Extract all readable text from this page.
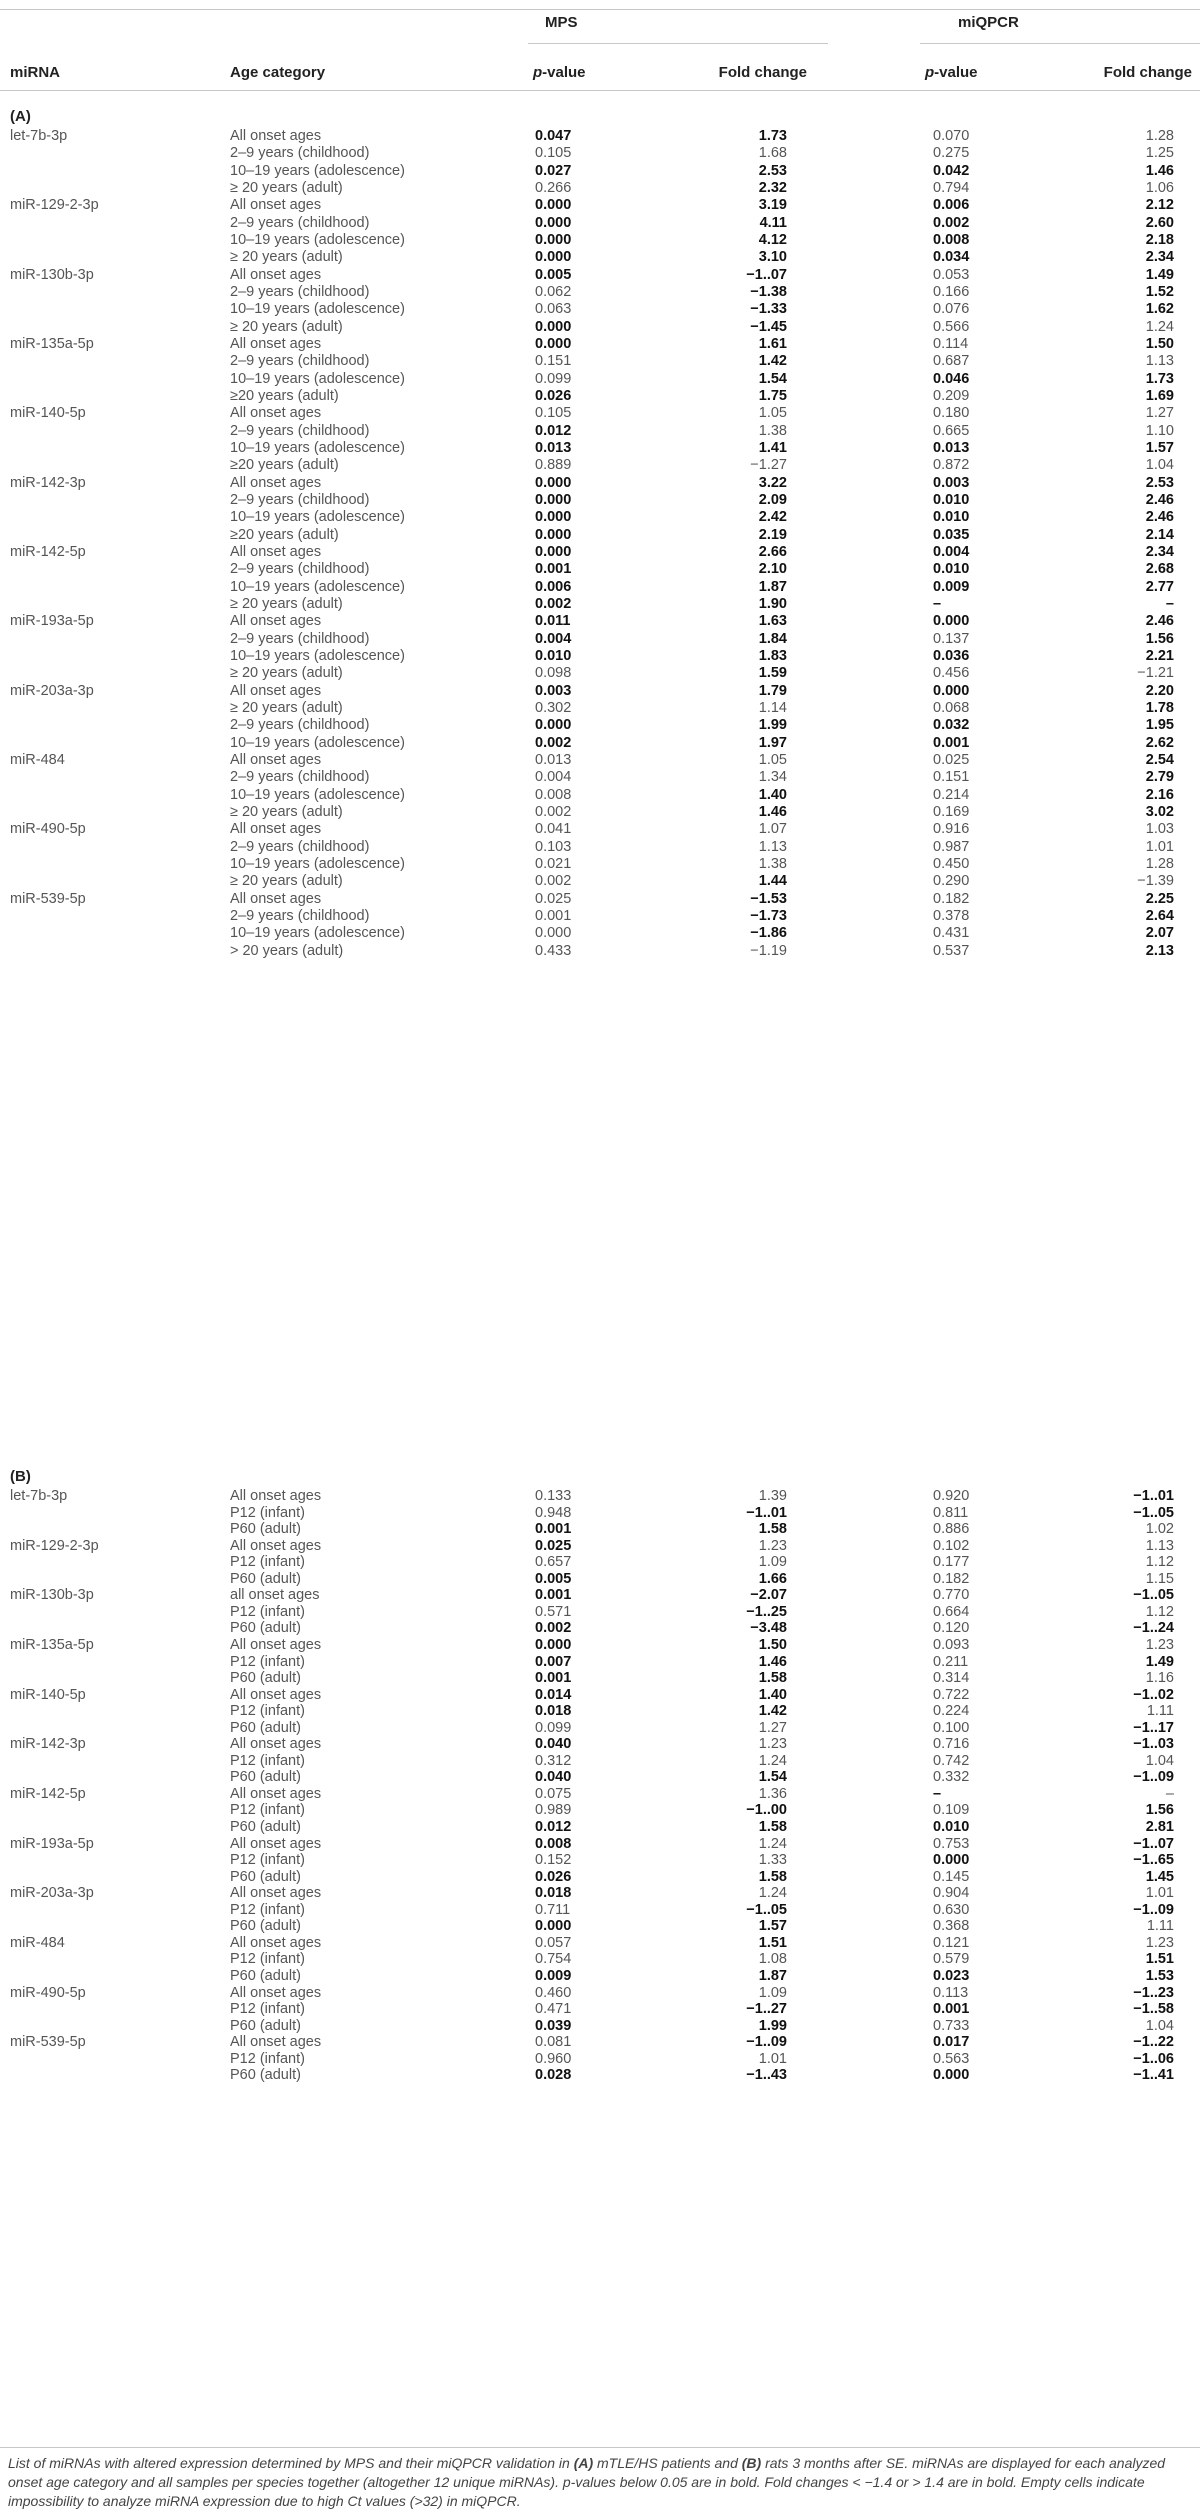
MPS	miQPCR
miRNA	Age category	p-value	Fold change	p-value	Fold change
(A)
let-7b-3p	All onset ages	0.047	1.73	0.070	1.28
2–9 years (childhood)	0.105	1.68	0.275	1.25
10–19 years (adolescence)	0.027	2.53	0.042	1.46
≥ 20 years (adult)	0.266	2.32	0.794	1.06
miR-129-2-3p	All onset ages	0.000	3.19	0.006	2.12
2–9 years (childhood)	0.000	4.11	0.002	2.60
10–19 years (adolescence)	0.000	4.12	0.008	2.18
≥ 20 years (adult)	0.000	3.10	0.034	2.34
miR-130b-3p	All onset ages	0.005	−1..07	0.053	1.49
2–9 years (childhood)	0.062	−1.38	0.166	1.52
10–19 years (adolescence)	0.063	−1.33	0.076	1.62
≥ 20 years (adult)	0.000	−1.45	0.566	1.24
miR-135a-5p	All onset ages	0.000	1.61	0.114	1.50
2–9 years (childhood)	0.151	1.42	0.687	1.13
10–19 years (adolescence)	0.099	1.54	0.046	1.73
≥20 years (adult)	0.026	1.75	0.209	1.69
miR-140-5p	All onset ages	0.105	1.05	0.180	1.27
2–9 years (childhood)	0.012	1.38	0.665	1.10
10–19 years (adolescence)	0.013	1.41	0.013	1.57
≥20 years (adult)	0.889	−1.27	0.872	1.04
miR-142-3p	All onset ages	0.000	3.22	0.003	2.53
2–9 years (childhood)	0.000	2.09	0.010	2.46
10–19 years (adolescence)	0.000	2.42	0.010	2.46
≥20 years (adult)	0.000	2.19	0.035	2.14
miR-142-5p	All onset ages	0.000	2.66	0.004	2.34
2–9 years (childhood)	0.001	2.10	0.010	2.68
10–19 years (adolescence)	0.006	1.87	0.009	2.77
≥ 20 years (adult)	0.002	1.90	–	–
miR-193a-5p	All onset ages	0.011	1.63	0.000	2.46
2–9 years (childhood)	0.004	1.84	0.137	1.56
10–19 years (adolescence)	0.010	1.83	0.036	2.21
≥ 20 years (adult)	0.098	1.59	0.456	−1.21
miR-203a-3p	All onset ages	0.003	1.79	0.000	2.20
≥ 20 years (adult)	0.302	1.14	0.068	1.78
2–9 years (childhood)	0.000	1.99	0.032	1.95
10–19 years (adolescence)	0.002	1.97	0.001	2.62
miR-484	All onset ages	0.013	1.05	0.025	2.54
2–9 years (childhood)	0.004	1.34	0.151	2.79
10–19 years (adolescence)	0.008	1.40	0.214	2.16
≥ 20 years (adult)	0.002	1.46	0.169	3.02
miR-490-5p	All onset ages	0.041	1.07	0.916	1.03
2–9 years (childhood)	0.103	1.13	0.987	1.01
10–19 years (adolescence)	0.021	1.38	0.450	1.28
≥ 20 years (adult)	0.002	1.44	0.290	−1.39
miR-539-5p	All onset ages	0.025	−1.53	0.182	2.25
2–9 years (childhood)	0.001	−1.73	0.378	2.64
10–19 years (adolescence)	0.000	−1.86	0.431	2.07
> 20 years (adult)	0.433	−1.19	0.537	2.13
(B)
let-7b-3p	All onset ages	0.133	1.39	0.920	−1..01
P12 (infant)	0.948	−1..01	0.811	−1..05
P60 (adult)	0.001	1.58	0.886	1.02
miR-129-2-3p	All onset ages	0.025	1.23	0.102	1.13
P12 (infant)	0.657	1.09	0.177	1.12
P60 (adult)	0.005	1.66	0.182	1.15
miR-130b-3p	all onset ages	0.001	−2.07	0.770	−1..05
P12 (infant)	0.571	−1..25	0.664	1.12
P60 (adult)	0.002	−3.48	0.120	−1..24
miR-135a-5p	All onset ages	0.000	1.50	0.093	1.23
P12 (infant)	0.007	1.46	0.211	1.49
P60 (adult)	0.001	1.58	0.314	1.16
miR-140-5p	All onset ages	0.014	1.40	0.722	−1..02
P12 (infant)	0.018	1.42	0.224	1.11
P60 (adult)	0.099	1.27	0.100	−1..17
miR-142-3p	All onset ages	0.040	1.23	0.716	−1..03
P12 (infant)	0.312	1.24	0.742	1.04
P60 (adult)	0.040	1.54	0.332	−1..09
miR-142-5p	All onset ages	0.075	1.36	–	–
P12 (infant)	0.989	−1..00	0.109	1.56
P60 (adult)	0.012	1.58	0.010	2.81
miR-193a-5p	All onset ages	0.008	1.24	0.753	−1..07
P12 (infant)	0.152	1.33	0.000	−1..65
P60 (adult)	0.026	1.58	0.145	1.45
miR-203a-3p	All onset ages	0.018	1.24	0.904	1.01
P12 (infant)	0.711	−1..05	0.630	−1..09
P60 (adult)	0.000	1.57	0.368	1.11
miR-484	All onset ages	0.057	1.51	0.121	1.23
P12 (infant)	0.754	1.08	0.579	1.51
P60 (adult)	0.009	1.87	0.023	1.53
miR-490-5p	All onset ages	0.460	1.09	0.113	−1..23
P12 (infant)	0.471	−1..27	0.001	−1..58
P60 (adult)	0.039	1.99	0.733	1.04
miR-539-5p	All onset ages	0.081	−1..09	0.017	−1..22
P12 (infant)	0.960	1.01	0.563	−1..06
P60 (adult)	0.028	−1..43	0.000	−1..41
List of miRNAs with altered expression determined by MPS and their miQPCR validation in (A) mTLE/HS patients and (B) rats 3 months after SE. miRNAs are displayed for each analyzed onset age category and all samples per species together (altogether 12 unique miRNAs). p-values below 0.05 are in bold. Fold changes < −1.4 or > 1.4 are in bold. Empty cells indicate impossibility to analyze miRNA expression due to high Ct values (>32) in miQPCR.
